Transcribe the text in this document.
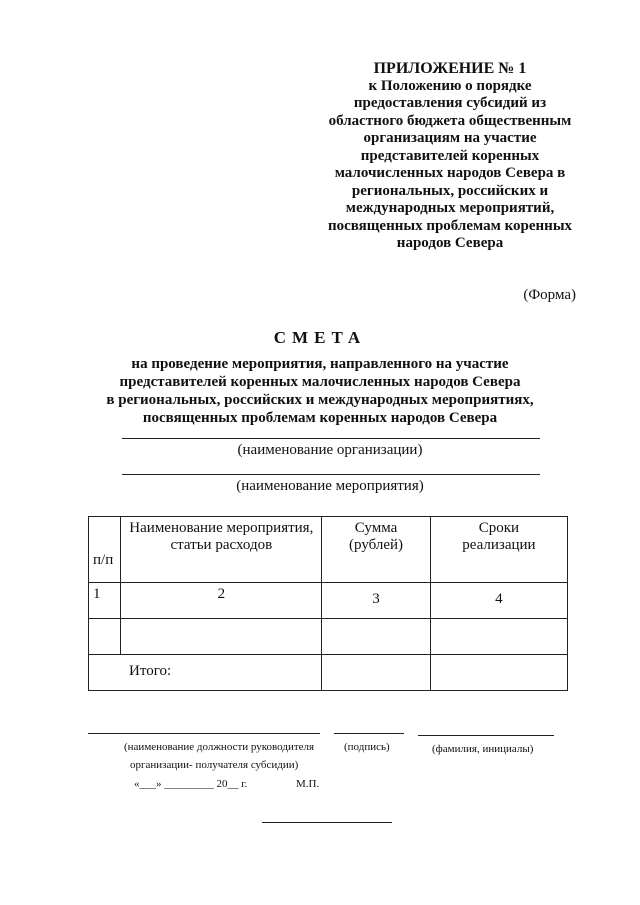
ПРИЛОЖЕНИЕ № 1
к Положению о порядке
предоставления субсидий из
областного бюджета общественным
организациям на участие
представителей коренных
малочисленных народов Севера в
региональных, российских и
международных мероприятий,
посвященных проблемам коренных
народов Севера
(Форма)
СМЕТА
на проведение мероприятия, направленного на участие
представителей коренных малочисленных народов Севера
в региональных, российских и международных мероприятиях,
посвященных проблемам коренных народов Севера
(наименование организации)
(наименование мероприятия)
п/п	Наименование мероприятия, статьи расходов	Сумма (рублей)	Сроки реализации
1	2	3	4

Итого:			
(наименование должности руководителя	(подпись)	(фамилия, инициалы)
организации- получателя субсидии)
«___» _________ 20__ г.	М.П.
